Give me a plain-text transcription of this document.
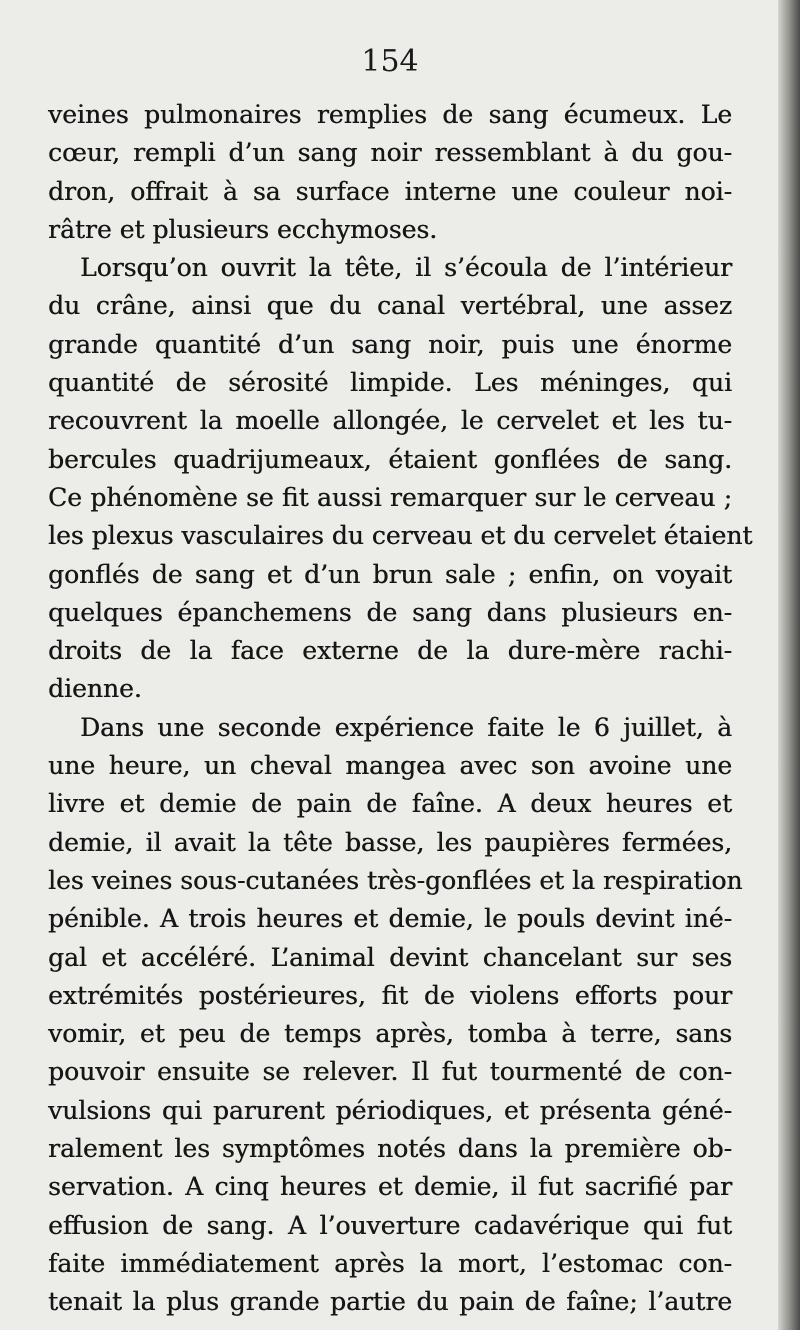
154

veines pulmonaires remplies de sang écumeux. Le
cœur, rempli d’un sang noir ressemblant à du gou-
dron, offrait à sa surface interne une couleur noi-
râtre et plusieurs ecchymoses.

Lorsqu’on ouvrit la tête, il s’écoula de l’intérieur
du crâne, ainsi que du canal vertébral, une assez
grande quantité d’un sang noir, puis une énorme
quantité de sérosité limpide. Les méninges, qui
recouvrent la moelle allongée, le cervelet et les tu-
bercules quadrijumeaux, étaient gonflées de sang.
Ce phénomène se fit aussi remarquer sur le cerveau ;
les plexus vasculaires du cerveau et du cervelet étaient
gonflés de sang et d’un brun sale ; enfin, on voyait
quelques épanchemens de sang dans plusieurs en-
droits de la face externe de la dure-mère rachi-
dienne.

Dans une seconde expérience faite le 6 juillet, à
une heure, un cheval mangea avec son avoine une
livre et demie de pain de faîne. A deux heures et
demie, il avait la tête basse, les paupières fermées,
les veines sous-cutanées très-gonflées et la respiration
pénible. A trois heures et demie, le pouls devint iné-
gal et accéléré. L’animal devint chancelant sur ses
extrémités postérieures, fit de violens efforts pour
vomir, et peu de temps après, tomba à terre, sans
pouvoir ensuite se relever. Il fut tourmenté de con-
vulsions qui parurent périodiques, et présenta géné-
ralement les symptômes notés dans la première ob-
servation. A cinq heures et demie, il fut sacrifié par
effusion de sang. A l’ouverture cadavérique qui fut
faite immédiatement après la mort, l’estomac con-
tenait la plus grande partie du pain de faîne; l’autre
